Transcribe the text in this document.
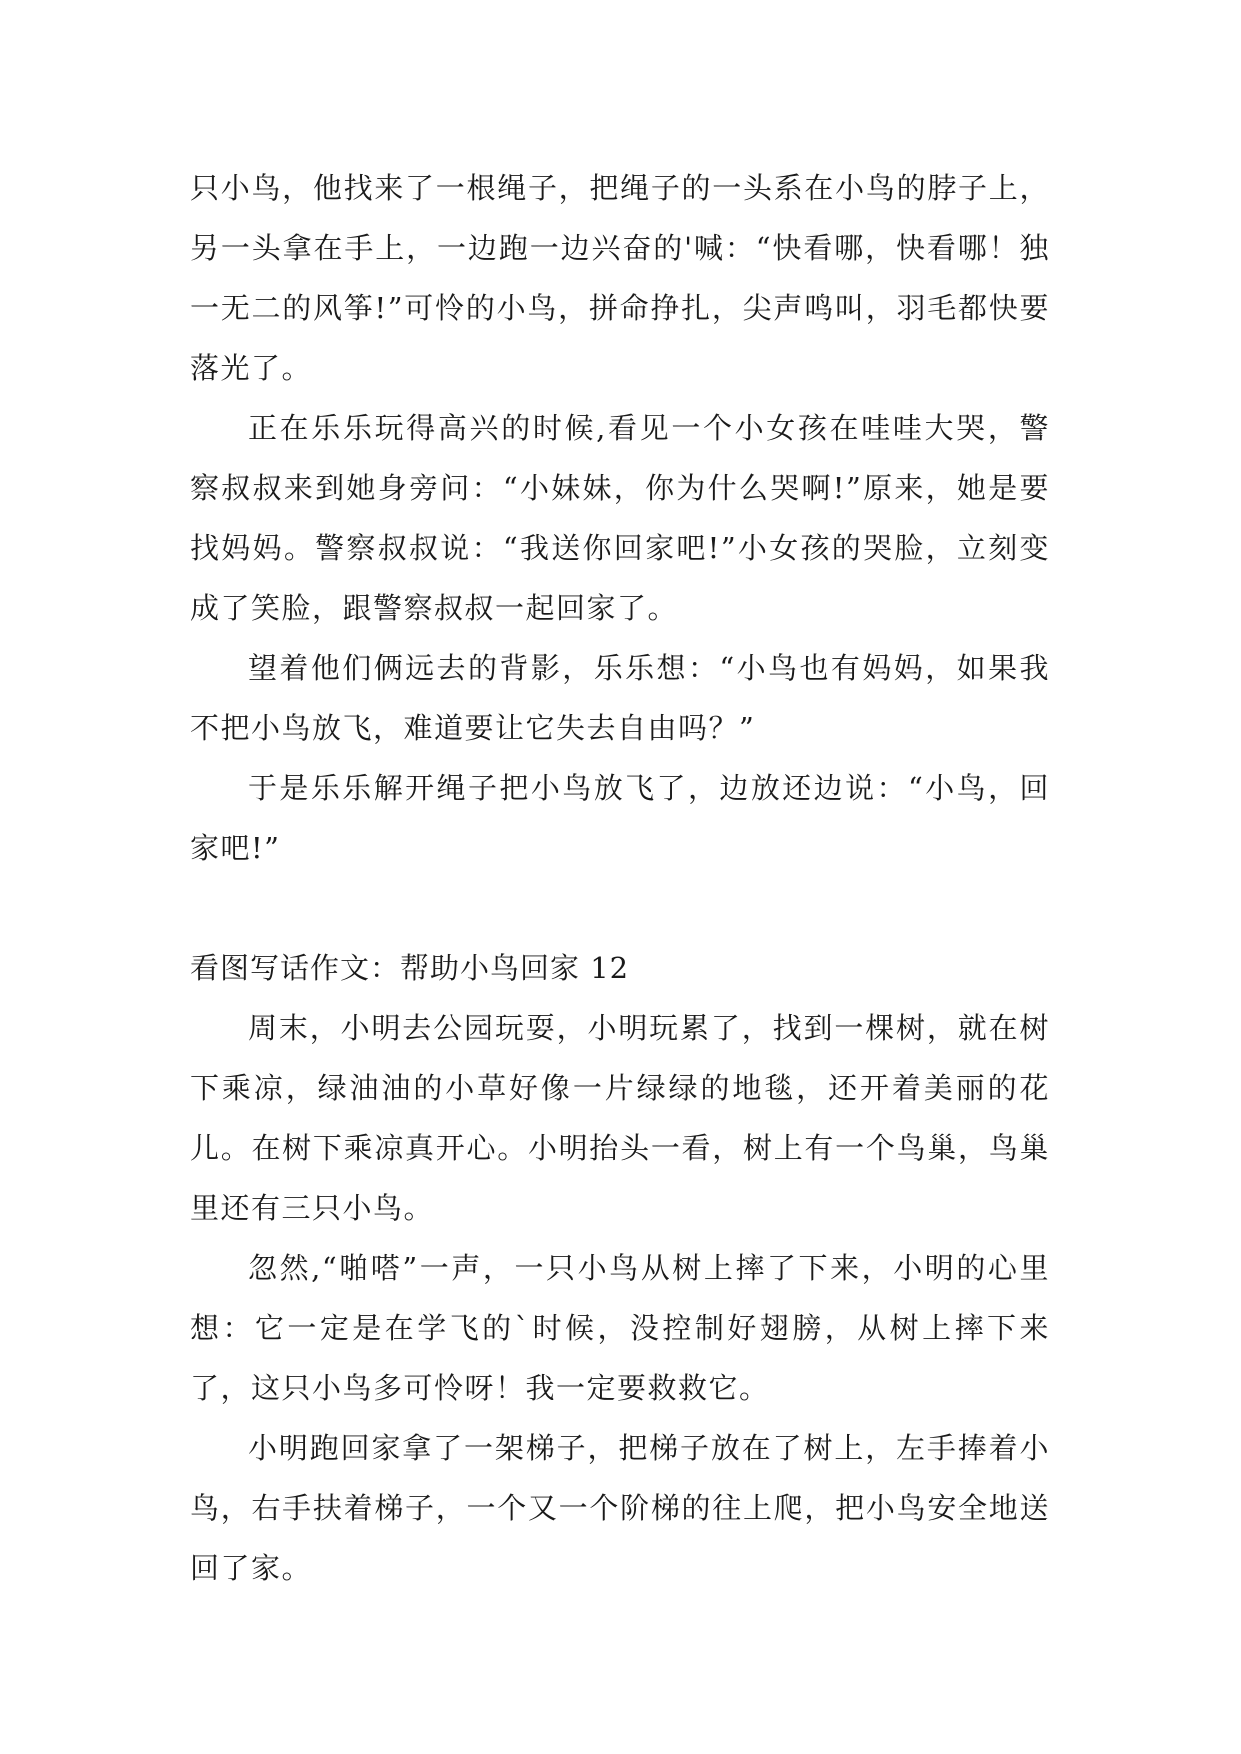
只小鸟，他找来了一根绳子，把绳子的一头系在小鸟的脖子上，另一头拿在手上，一边跑一边兴奋的'喊：“快看哪，快看哪！独一无二的风筝!”可怜的小鸟，拼命挣扎，尖声鸣叫，羽毛都快要落光了。

正在乐乐玩得高兴的时候,看见一个小女孩在哇哇大哭，警察叔叔来到她身旁问：“小妹妹，你为什么哭啊!”原来，她是要找妈妈。警察叔叔说：“我送你回家吧!”小女孩的哭脸，立刻变成了笑脸，跟警察叔叔一起回家了。

望着他们俩远去的背影，乐乐想：“小鸟也有妈妈，如果我不把小鸟放飞，难道要让它失去自由吗？”

于是乐乐解开绳子把小鸟放飞了，边放还边说：“小鸟，回家吧!”

看图写话作文：帮助小鸟回家 12

周末，小明去公园玩耍，小明玩累了，找到一棵树，就在树下乘凉，绿油油的小草好像一片绿绿的地毯，还开着美丽的花儿。在树下乘凉真开心。小明抬头一看，树上有一个鸟巢，鸟巢里还有三只小鸟。

忽然,“啪嗒”一声，一只小鸟从树上摔了下来，小明的心里想：它一定是在学飞的`时候，没控制好翅膀，从树上摔下来了，这只小鸟多可怜呀！我一定要救救它。

小明跑回家拿了一架梯子，把梯子放在了树上，左手捧着小鸟，右手扶着梯子，一个又一个阶梯的往上爬，把小鸟安全地送回了家。
